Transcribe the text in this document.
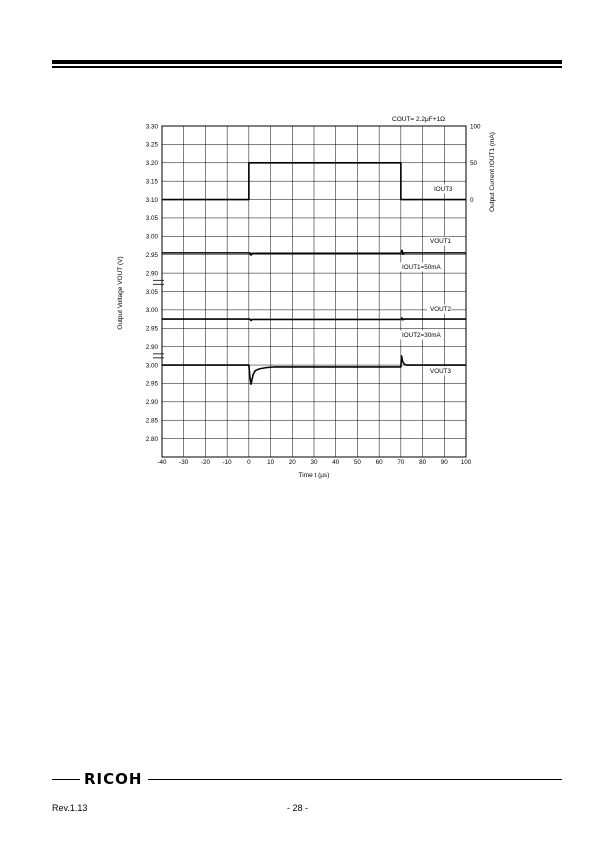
3.30
3.25
3.20
3.15
3.10
3.05
3.00
2.95
2.90
3.05
3.00
2.95
2.90
3.00
2.95
2.90
2.85
2.80
-40 -30 -20 -10 0	10 20 30 40 50 60 70 80 90 100
100
50
0
IOUT3
VOUT1
IOUT1=50mA
VOUT2
IOUT2=30mA
VOUT3
COUT= 2.2μF+1Ω
Time t (μs)
Output Voltage VOUT (V)
Output Current IOUT1 (mA)
RICOH
Rev.1.13	- 28 -
